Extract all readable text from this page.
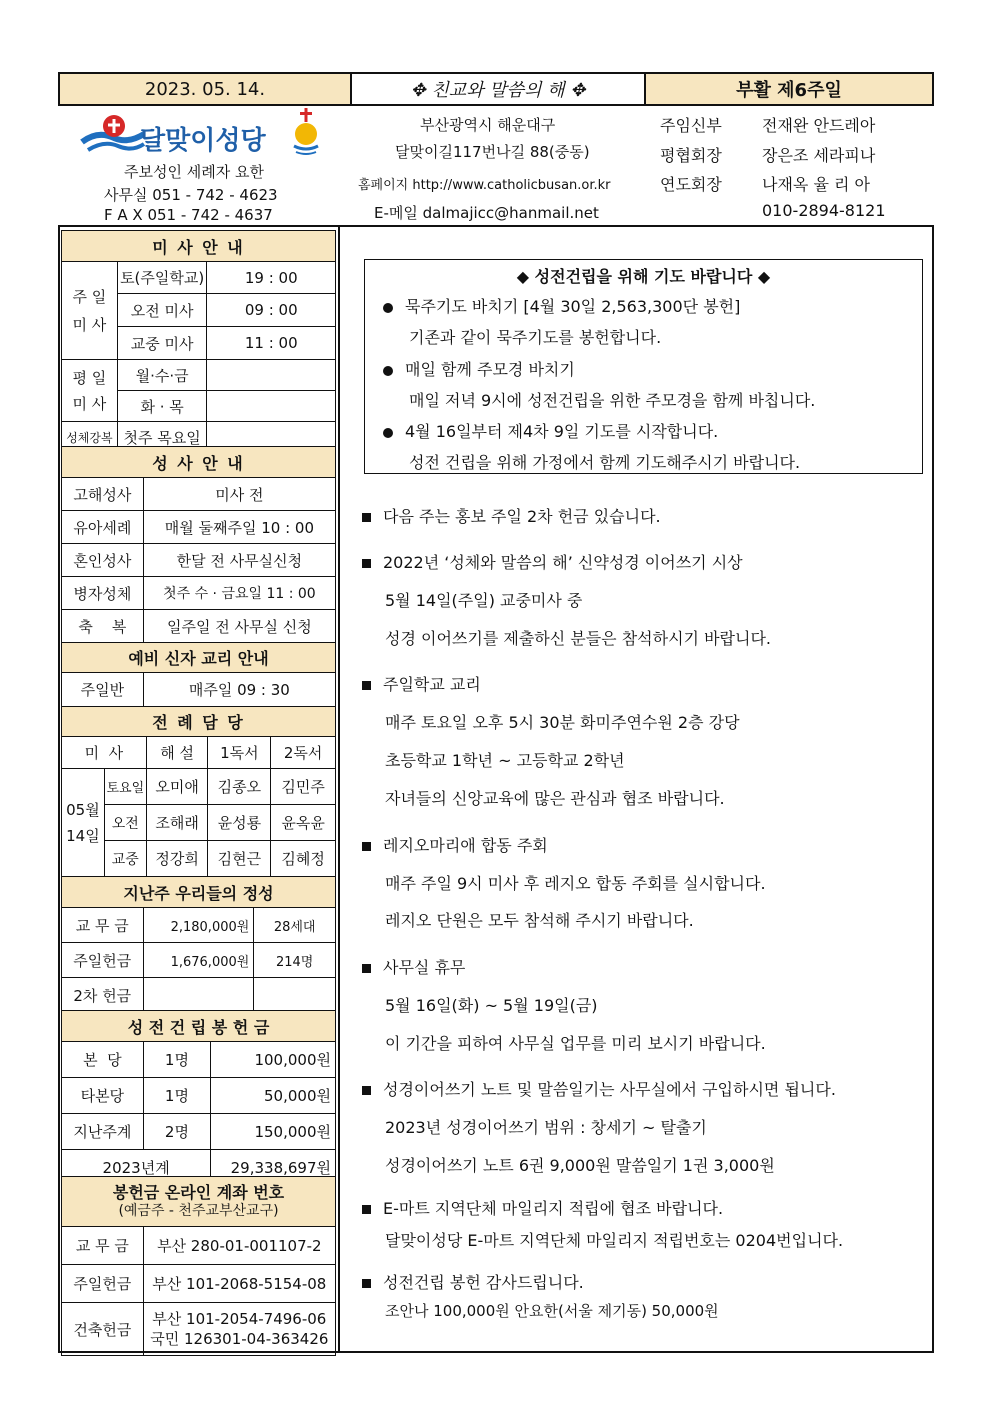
2023. 05. 14.	✥ 친교와 말씀의 해 ✥	부활 제6주일
달맞이성당
주보성인 세례자 요한
사무실 051 - 742 - 4623
F A X 051 - 742 - 4637
부산광역시 해운대구
달맞이길117번나길 88(중동)
홈페이지 http://www.catholicbusan.or.kr
E-메일 dalmajicc@hanmail.net
주임신부	전재완 안드레아
평협회장	장은조 세라피나
연도회장	나재옥 율 리 아
010-2894-8121
미 사 안 내		
주 일
미 사	토(주일학교)	19 : 00
	오전 미사	09 : 00
	교중 미사	11 : 00
평 일
미 사	월·수·금	
	화 · 목	
성체강복	첫주 목요일	
성 사 안 내	
고해성사	미사 전
유아세례	매월 둘째주일 10 : 00
혼인성사	한달 전 사무실신청
병자성체	첫주 수 · 금요일 11 : 00
축    복	일주일 전 사무실 신청
예비 신자 교리 안내
주일반	매주일 09 : 30
전 례 담 당				
미  사		해 설	1독서	2독서
05월
14일	토요일	오미애	김종오	김민주
	오전	조해래	윤성룡	윤옥윤
	교중	정강희	김현근	김혜정
지난주 우리들의 정성		
교 무 금	2,180,000원	28세대
주일헌금	1,676,000원	214명
2차 헌금		
성 전 건 립 봉 헌 금		
본  당	1명	100,000원
타본당	1명	50,000원
지난주계	2명	150,000원
2023년계		29,338,697원
봉헌금 온라인 계좌 번호
(예금주 - 천주교부산교구)	

교 무 금	부산 280-01-001107-2
주일헌금	부산 101-2068-5154-08
건축헌금	부산 101-2054-7496-06
국민 126301-04-363426
◆ 성전건립을 위해 기도 바랍니다 ◆
묵주기도 바치기 [4월 30일 2,563,300단 봉헌]
기존과 같이 묵주기도를 봉헌합니다.
매일 함께 주모경 바치기
매일 저녁 9시에 성전건립을 위한 주모경을 함께 바칩니다.
4월 16일부터 제4차 9일 기도를 시작합니다.
성전 건립을 위해 가정에서 함께 기도해주시기 바랍니다.
다음 주는 홍보 주일 2차 헌금 있습니다.
2022년 ‘성체와 말씀의 해’ 신약성경 이어쓰기 시상
5월 14일(주일) 교중미사 중
성경 이어쓰기를 제출하신 분들은 참석하시기 바랍니다.
주일학교 교리
매주 토요일 오후 5시 30분 화미주연수원 2층 강당
초등학교 1학년 ~ 고등학교 2학년
자녀들의 신앙교육에 많은 관심과 협조 바랍니다.
레지오마리애 합동 주회
매주 주일 9시 미사 후 레지오 합동 주회를 실시합니다.
레지오 단원은 모두 참석해 주시기 바랍니다.
사무실 휴무
5월 16일(화) ~ 5월 19일(금)
이 기간을 피하여 사무실 업무를 미리 보시기 바랍니다.
성경이어쓰기 노트 및 말씀일기는 사무실에서 구입하시면 됩니다.
2023년 성경이어쓰기 범위 : 창세기 ~ 탈출기
성경이어쓰기 노트 6권 9,000원 말씀일기 1권 3,000원
E-마트 지역단체 마일리지 적립에 협조 바랍니다.
달맞이성당 E-마트 지역단체 마일리지 적립번호는 0204번입니다.
성전건립 봉헌 감사드립니다.
조안나 100,000원 안요한(서울 제기동) 50,000원
